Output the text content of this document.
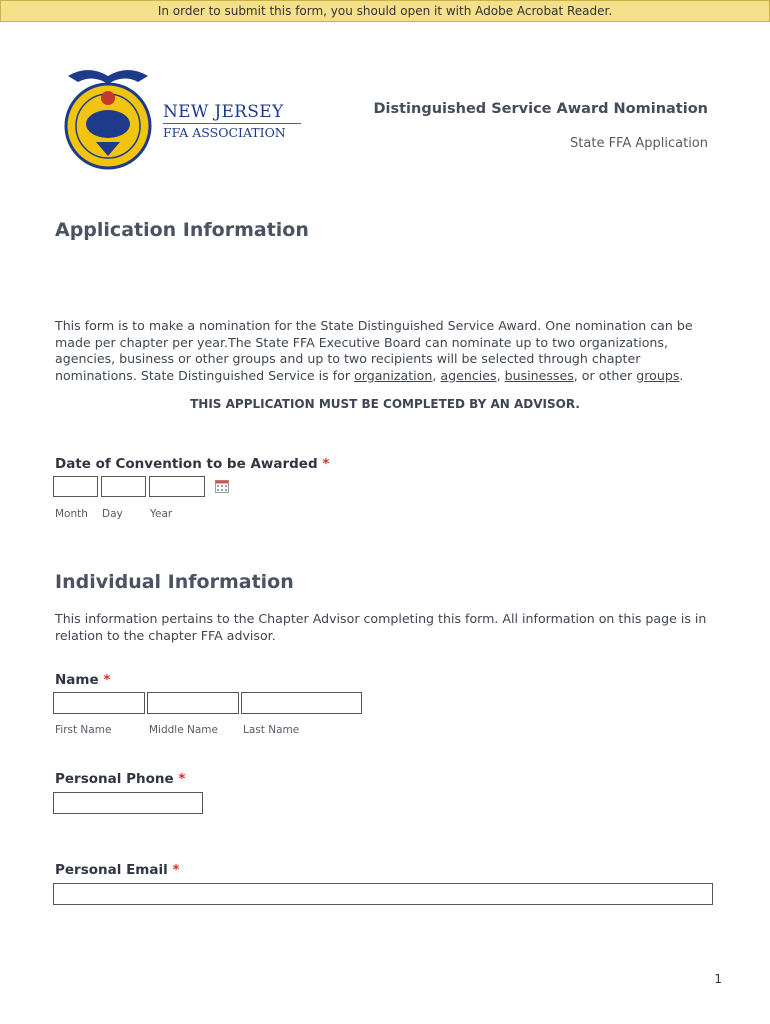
In order to submit this form, you should open it with Adobe Acrobat Reader.
NEW JERSEY
FFA ASSOCIATION
Distinguished Service Award Nomination
State FFA Application
Application Information

This form is to make a nomination for the State Distinguished Service Award. One nomination can be made per chapter per year.The State FFA Executive Board can nominate up to two organizations, agencies, business or other groups and up to two recipients will be selected through chapter nominations. State Distinguished Service is for organization, agencies, businesses, or other groups.

THIS APPLICATION MUST BE COMPLETED BY AN ADVISOR.
Date of Convention to be Awarded *
Month Day	Year
Individual Information

This information pertains to the Chapter Advisor completing this form. All information on this page is in relation to the chapter FFA advisor.

Name *
First Name	Middle Name Last Name
Personal Phone *
Personal Email *
1
